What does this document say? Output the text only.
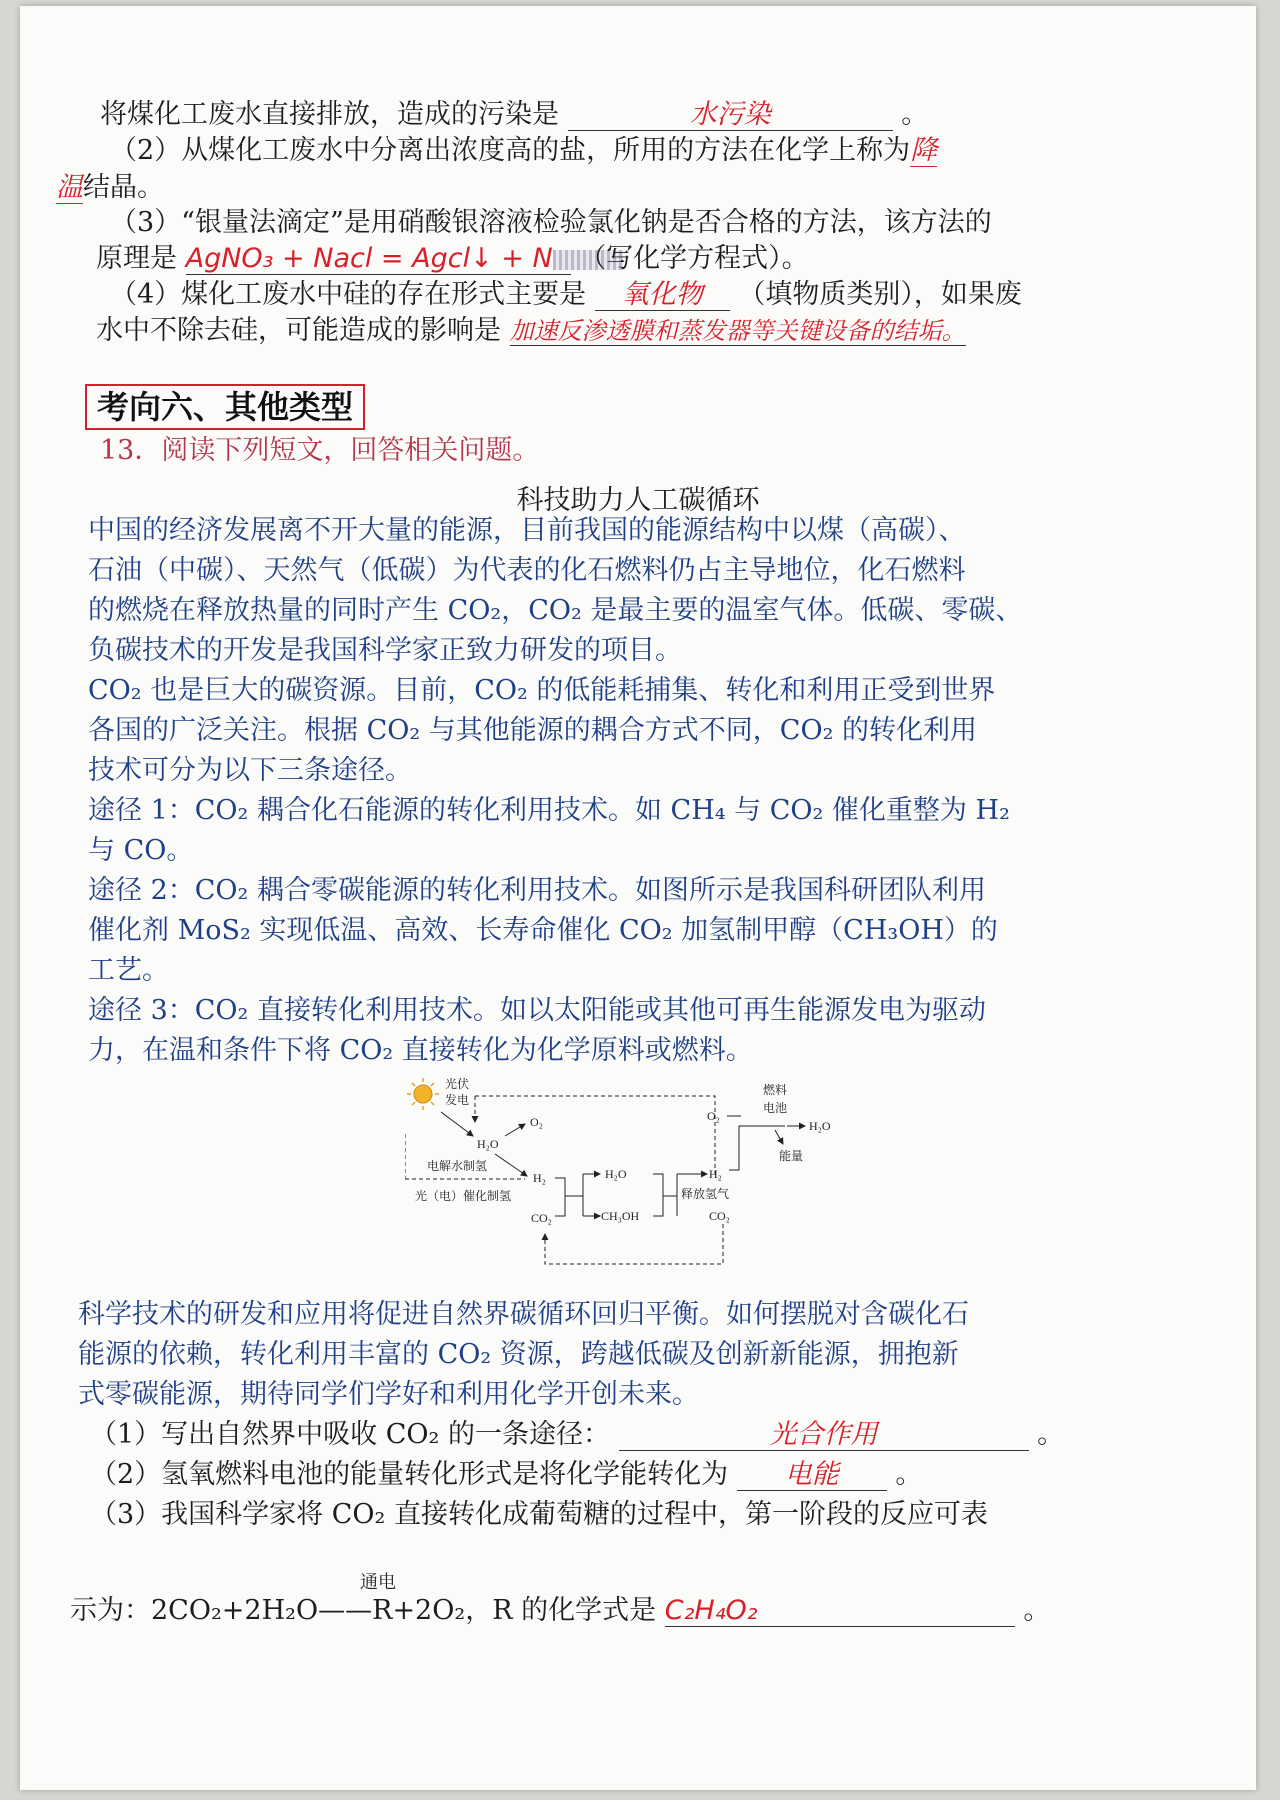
将煤化工废水直接排放，造成的污染是	水污染	。
（2）从煤化工废水中分离出浓度高的盐，所用的方法在化学上称为降
温结晶。
（3）“银量法滴定”是用硝酸银溶液检验氯化钠是否合格的方法，该方法的
原理是 AgNO₃ + Nacl = Agcl↓ + N （写化学方程式）。
（4）煤化工废水中硅的存在形式主要是 氧化物 （填物质类别），如果废
水中不除去硅，可能造成的影响是 加速反渗透膜和蒸发器等关键设备的结垢。
考向六、其他类型
13．阅读下列短文，回答相关问题。
科技助力人工碳循环
中国的经济发展离不开大量的能源，目前我国的能源结构中以煤（高碳）、
石油（中碳）、天然气（低碳）为代表的化石燃料仍占主导地位，化石燃料
的燃烧在释放热量的同时产生 CO₂，CO₂ 是最主要的温室气体。低碳、零碳、
负碳技术的开发是我国科学家正致力研发的项目。
CO₂ 也是巨大的碳资源。目前，CO₂ 的低能耗捕集、转化和利用正受到世界
各国的广泛关注。根据 CO₂ 与其他能源的耦合方式不同，CO₂ 的转化利用
技术可分为以下三条途径。
途径 1：CO₂ 耦合化石能源的转化利用技术。如 CH₄ 与 CO₂ 催化重整为 H₂
与 CO。
途径 2：CO₂ 耦合零碳能源的转化利用技术。如图所示是我国科研团队利用
催化剂 MoS₂ 实现低温、高效、长寿命催化 CO₂ 加氢制甲醇（CH₃OH）的
工艺。
途径 3：CO₂ 直接转化利用技术。如以太阳能或其他可再生能源发电为驱动
力，在温和条件下将 CO₂ 直接转化为化学原料或燃料。
光伏
发电
H₂O
O₂
电解水制氢
光（电）催化制氢
H₂
CO₂
H₂O
CH₃OH
H₂
释放氢气
CO₂
O₂
燃料
电池
H₂O
能量
科学技术的研发和应用将促进自然界碳循环回归平衡。如何摆脱对含碳化石
能源的依赖，转化利用丰富的 CO₂ 资源，跨越低碳及创新新能源，拥抱新
式零碳能源，期待同学们学好和利用化学开创未来。
（1）写出自然界中吸收 CO₂ 的一条途径：	光合作用	。
（2）氢氧燃料电池的能量转化形式是将化学能转化为 电能 。
（3）我国科学家将 CO₂ 直接转化成葡萄糖的过程中，第一阶段的反应可表
通电
示为：2CO₂+2H₂O——R+2O₂，R 的化学式是 C₂H₄O₂	。
